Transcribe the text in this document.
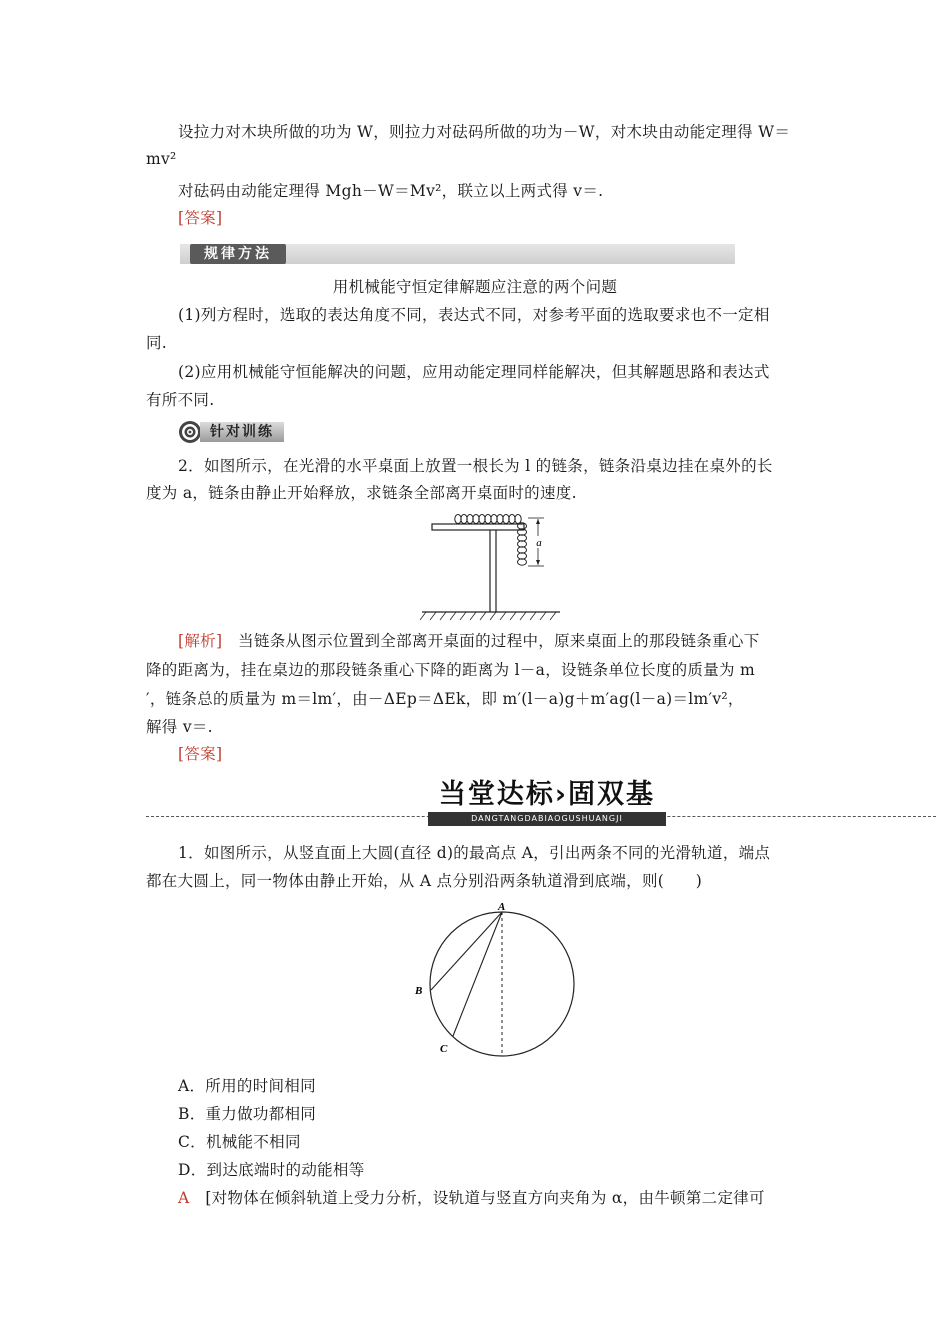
设拉力对木块所做的功为 W，则拉力对砝码所做的功为－W，对木块由动能定理得 W＝
mv²
对砝码由动能定理得 Mgh－W＝Mv²，联立以上两式得 v＝.
[答案]
规律方法
用机械能守恒定律解题应注意的两个问题
(1)列方程时，选取的表达角度不同，表达式不同，对参考平面的选取要求也不一定相
同.
(2)应用机械能守恒能解决的问题，应用动能定理同样能解决，但其解题思路和表达式
有所不同.
针对训练
2．如图所示，在光滑的水平桌面上放置一根长为 l 的链条，链条沿桌边挂在桌外的长
度为 a，链条由静止开始释放，求链条全部离开桌面时的速度.
a
[解析]　当链条从图示位置到全部离开桌面的过程中，原来桌面上的那段链条重心下
降的距离为，挂在桌边的那段链条重心下降的距离为 l－a，设链条单位长度的质量为 m
′，链条总的质量为 m＝lm′，由－ΔEp＝ΔEk，即 m′(l－a)g＋m′ag(l－a)＝lm′v²，
解得 v＝.
[答案]
当堂达标›固双基
DANGTANGDABIAOGUSHUANGJI
1．如图所示，从竖直面上大圆(直径 d)的最高点 A，引出两条不同的光滑轨道，端点
都在大圆上，同一物体由静止开始，从 A 点分别沿两条轨道滑到底端，则(　　)
A
B
C
A．所用的时间相同
B．重力做功都相同
C．机械能不相同
D．到达底端时的动能相等
A　 [对物体在倾斜轨道上受力分析，设轨道与竖直方向夹角为 α，由牛顿第二定律可
